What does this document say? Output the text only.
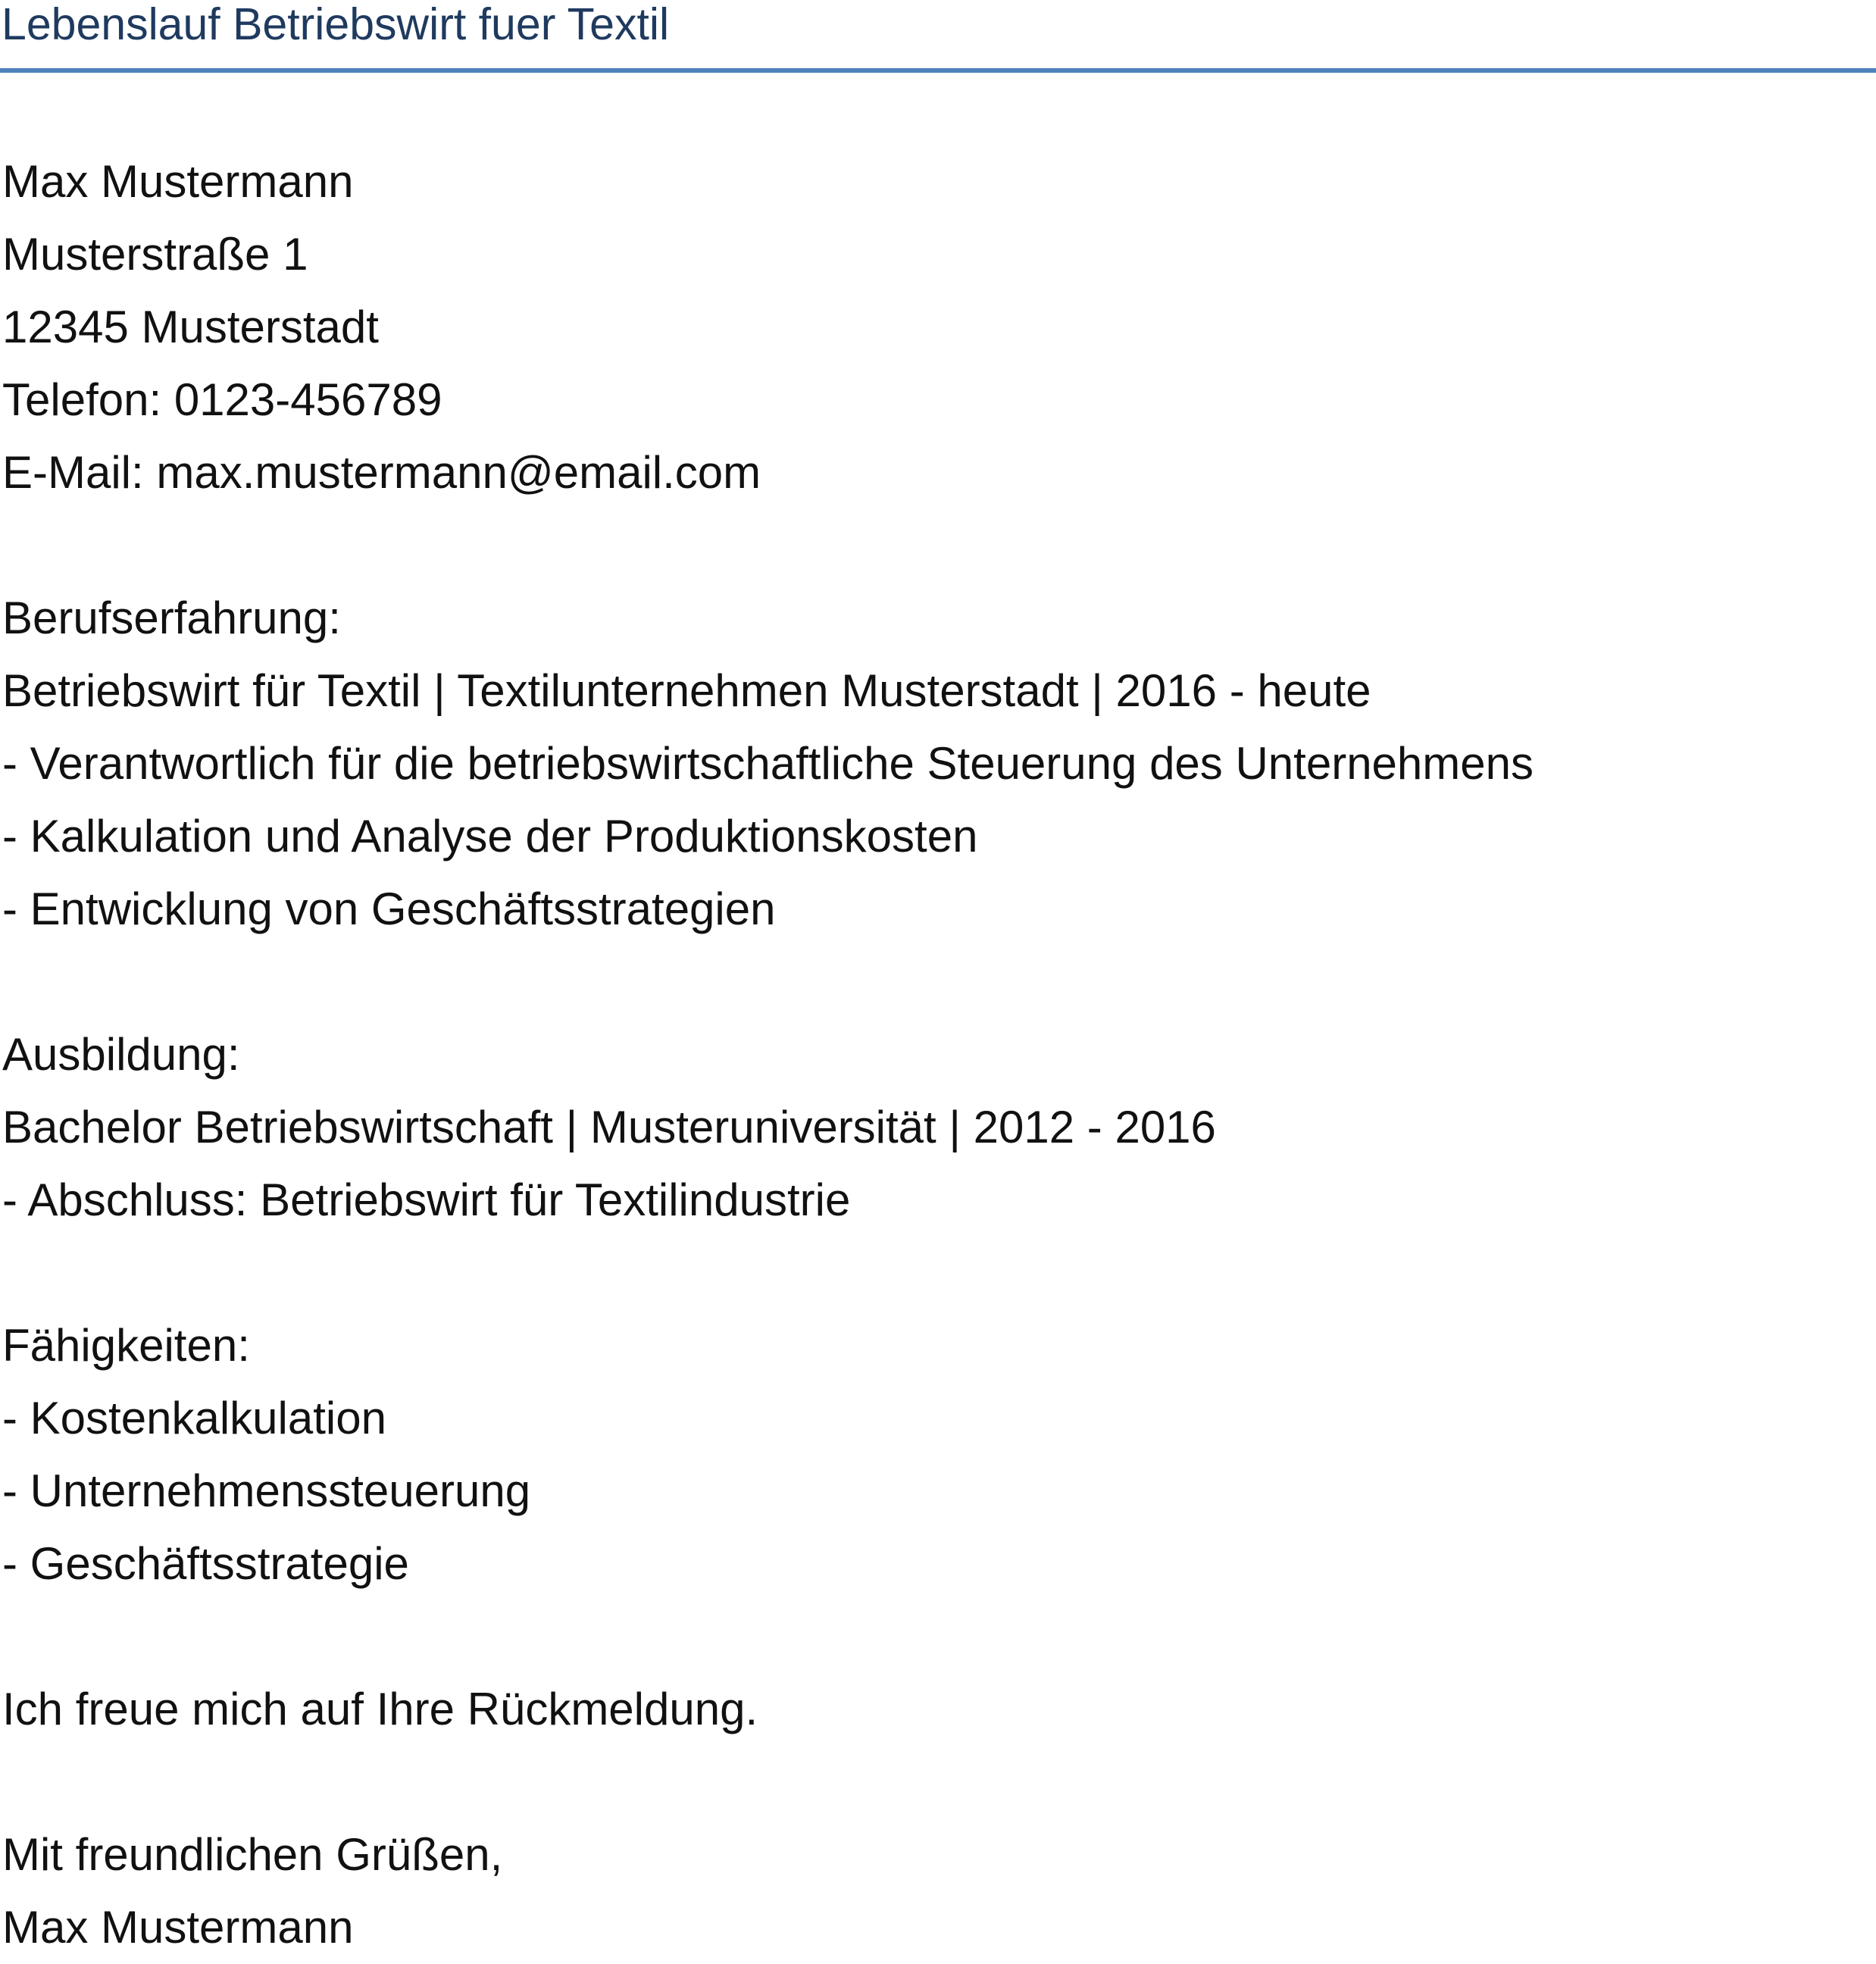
Lebenslauf Betriebswirt fuer Textil
Max Mustermann
Musterstraße 1
12345 Musterstadt
Telefon: 0123-456789
E-Mail: max.mustermann@email.com
Berufserfahrung:
Betriebswirt für Textil | Textilunternehmen Musterstadt | 2016 - heute
- Verantwortlich für die betriebswirtschaftliche Steuerung des Unternehmens
- Kalkulation und Analyse der Produktionskosten
- Entwicklung von Geschäftsstrategien
Ausbildung:
Bachelor Betriebswirtschaft | Musteruniversität | 2012 - 2016
- Abschluss: Betriebswirt für Textilindustrie
Fähigkeiten:
- Kostenkalkulation
- Unternehmenssteuerung
- Geschäftsstrategie
Ich freue mich auf Ihre Rückmeldung.
Mit freundlichen Grüßen,
Max Mustermann
